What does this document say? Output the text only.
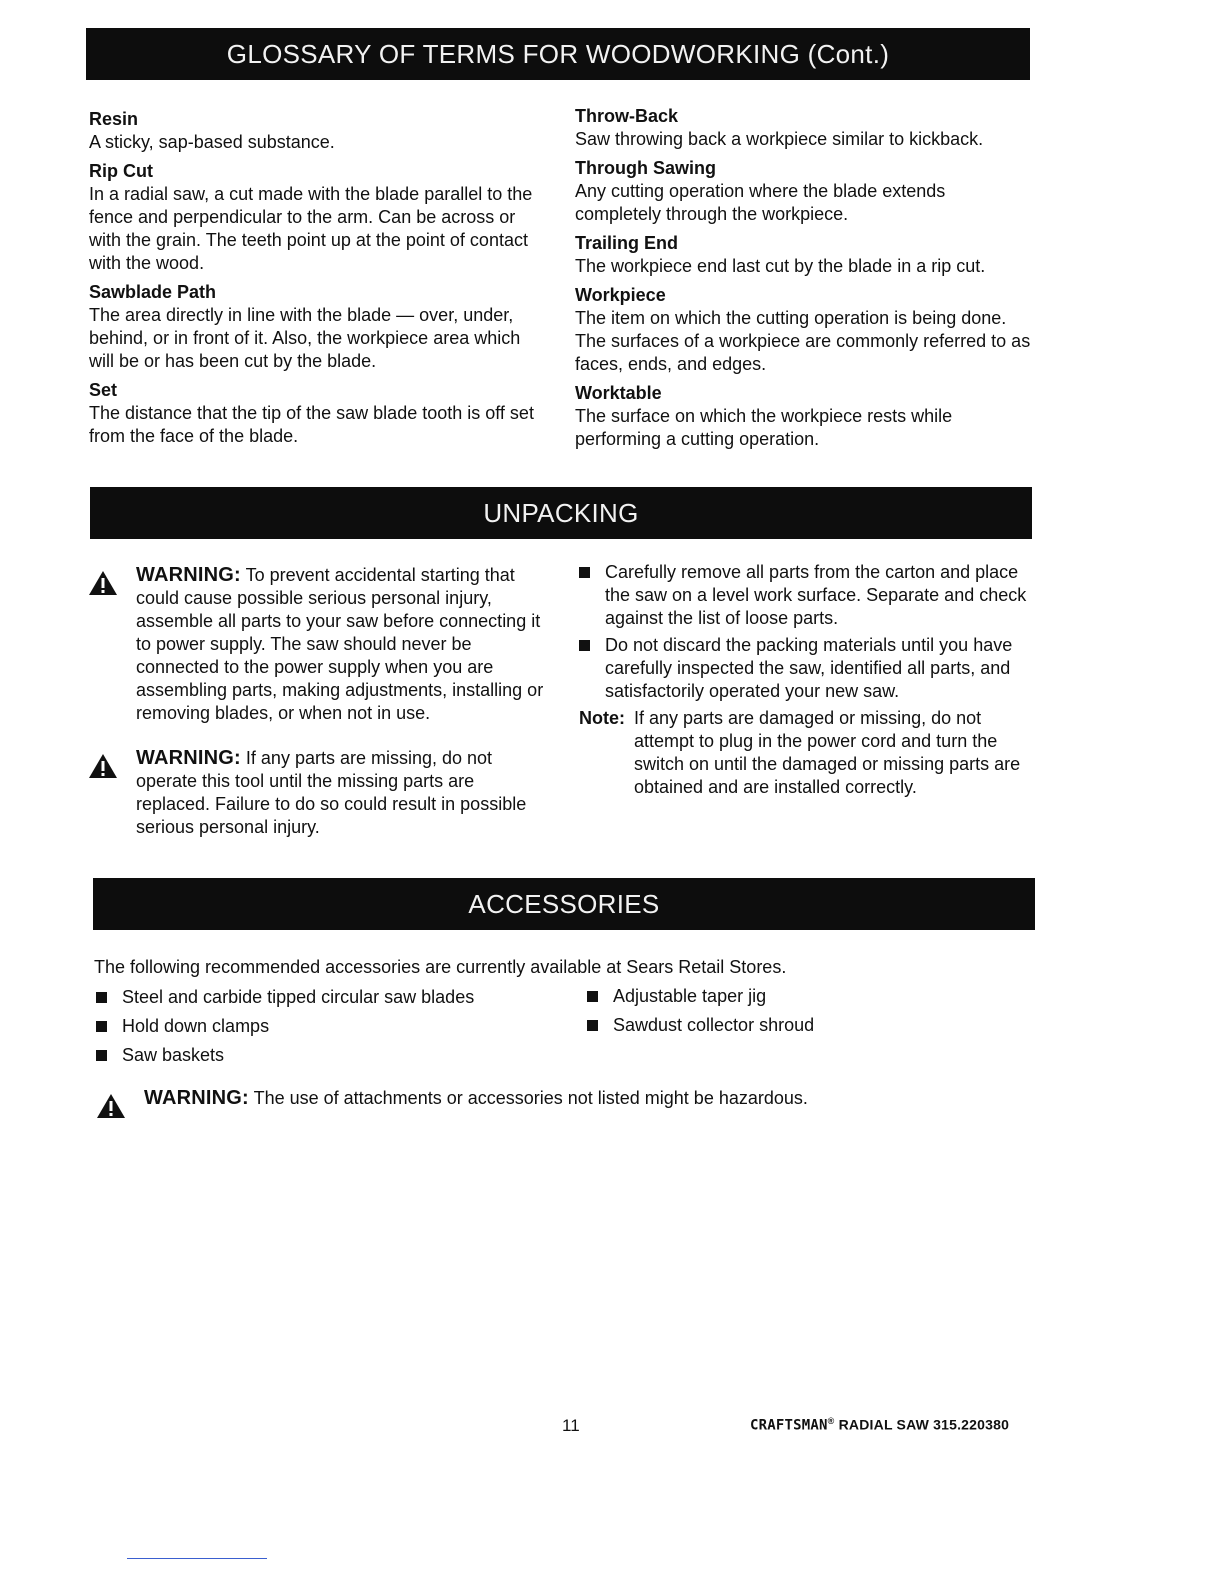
GLOSSARY OF TERMS FOR WOODWORKING (Cont.)
Resin
A sticky, sap-based substance.
Rip Cut
In a radial saw, a cut made with the blade parallel to the fence and perpendicular to the arm. Can be across or with the grain. The teeth point up at the point of contact with the wood.
Sawblade Path
The area directly in line with the blade — over, under, behind, or in front of it. Also, the workpiece area which will be or has been cut by the blade.
Set
The distance that the tip of the saw blade tooth is off set from the face of the blade.
Throw-Back
Saw throwing back a workpiece similar to kickback.
Through Sawing
Any cutting operation where the blade extends completely through the workpiece.
Trailing End
The workpiece end last cut by the blade in a rip cut.
Workpiece
The item on which the cutting operation is being done. The surfaces of a workpiece are commonly referred to as faces, ends, and edges.
Worktable
The surface on which the workpiece rests while performing a cutting operation.
UNPACKING
WARNING: To prevent accidental starting that could cause possible serious personal injury, assemble all parts to your saw before connecting it to power supply. The saw should never be connected to the power supply when you are assembling parts, making adjustments, installing or removing blades, or when not in use.
WARNING: If any parts are missing, do not operate this tool until the missing parts are replaced. Failure to do so could result in possible serious personal injury.
Carefully remove all parts from the carton and place the saw on a level work surface. Separate and check against the list of loose parts.
Do not discard the packing materials until you have carefully inspected the saw, identified all parts, and satisfactorily operated your new saw.
Note: If any parts are damaged or missing, do not attempt to plug in the power cord and turn the switch on until the damaged or missing parts are obtained and are installed correctly.
ACCESSORIES
The following recommended accessories are currently available at Sears Retail Stores.
Steel and carbide tipped circular saw blades
Hold down clamps
Saw baskets
Adjustable taper jig
Sawdust collector shroud
WARNING: The use of attachments or accessories not listed might be hazardous.
11	CRAFTSMAN® RADIAL SAW 315.220380
